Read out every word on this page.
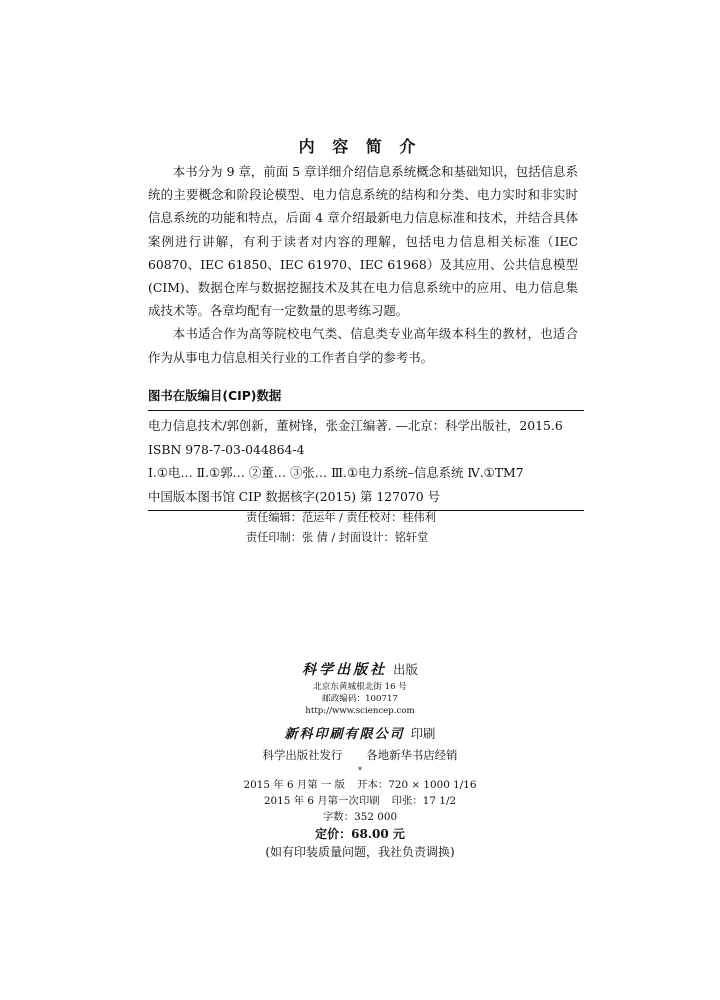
内 容 简 介

本书分为 9 章，前面 5 章详细介绍信息系统概念和基础知识，包括信息系统的主要概念和阶段论模型、电力信息系统的结构和分类、电力实时和非实时信息系统的功能和特点，后面 4 章介绍最新电力信息标准和技术，并结合具体案例进行讲解，有利于读者对内容的理解，包括电力信息相关标准（IEC 60870、IEC 61850、IEC 61970、IEC 61968）及其应用、公共信息模型(CIM)、数据仓库与数据挖掘技术及其在电力信息系统中的应用、电力信息集成技术等。各章均配有一定数量的思考练习题。

本书适合作为高等院校电气类、信息类专业高年级本科生的教材，也适合作为从事电力信息相关行业的工作者自学的参考书。

图书在版编目(CIP)数据
电力信息技术/郭创新，董树锋，张金江编著. —北京：科学出版社，2015.6
ISBN 978-7-03-044864-4
Ⅰ.①电… Ⅱ.①郭… ②董… ③张… Ⅲ.①电力系统–信息系统 Ⅳ.①TM7
中国版本图书馆 CIP 数据核字(2015) 第 127070 号
责任编辑：范运年 / 责任校对：桂伟利
责任印制：张 倩 / 封面设计：铭轩堂
科学出版社 出版
北京东黄城根北街 16 号
邮政编码：100717
http://www.sciencep.com
新科印刷有限公司 印刷
科学出版社发行 各地新华书店经销
*
2015 年 6 月第 一 版 开本：720 × 1000 1/16
2015 年 6 月第一次印刷 印张：17 1/2
字数：352 000
定价：68.00 元
(如有印装质量问题，我社负责调换)
